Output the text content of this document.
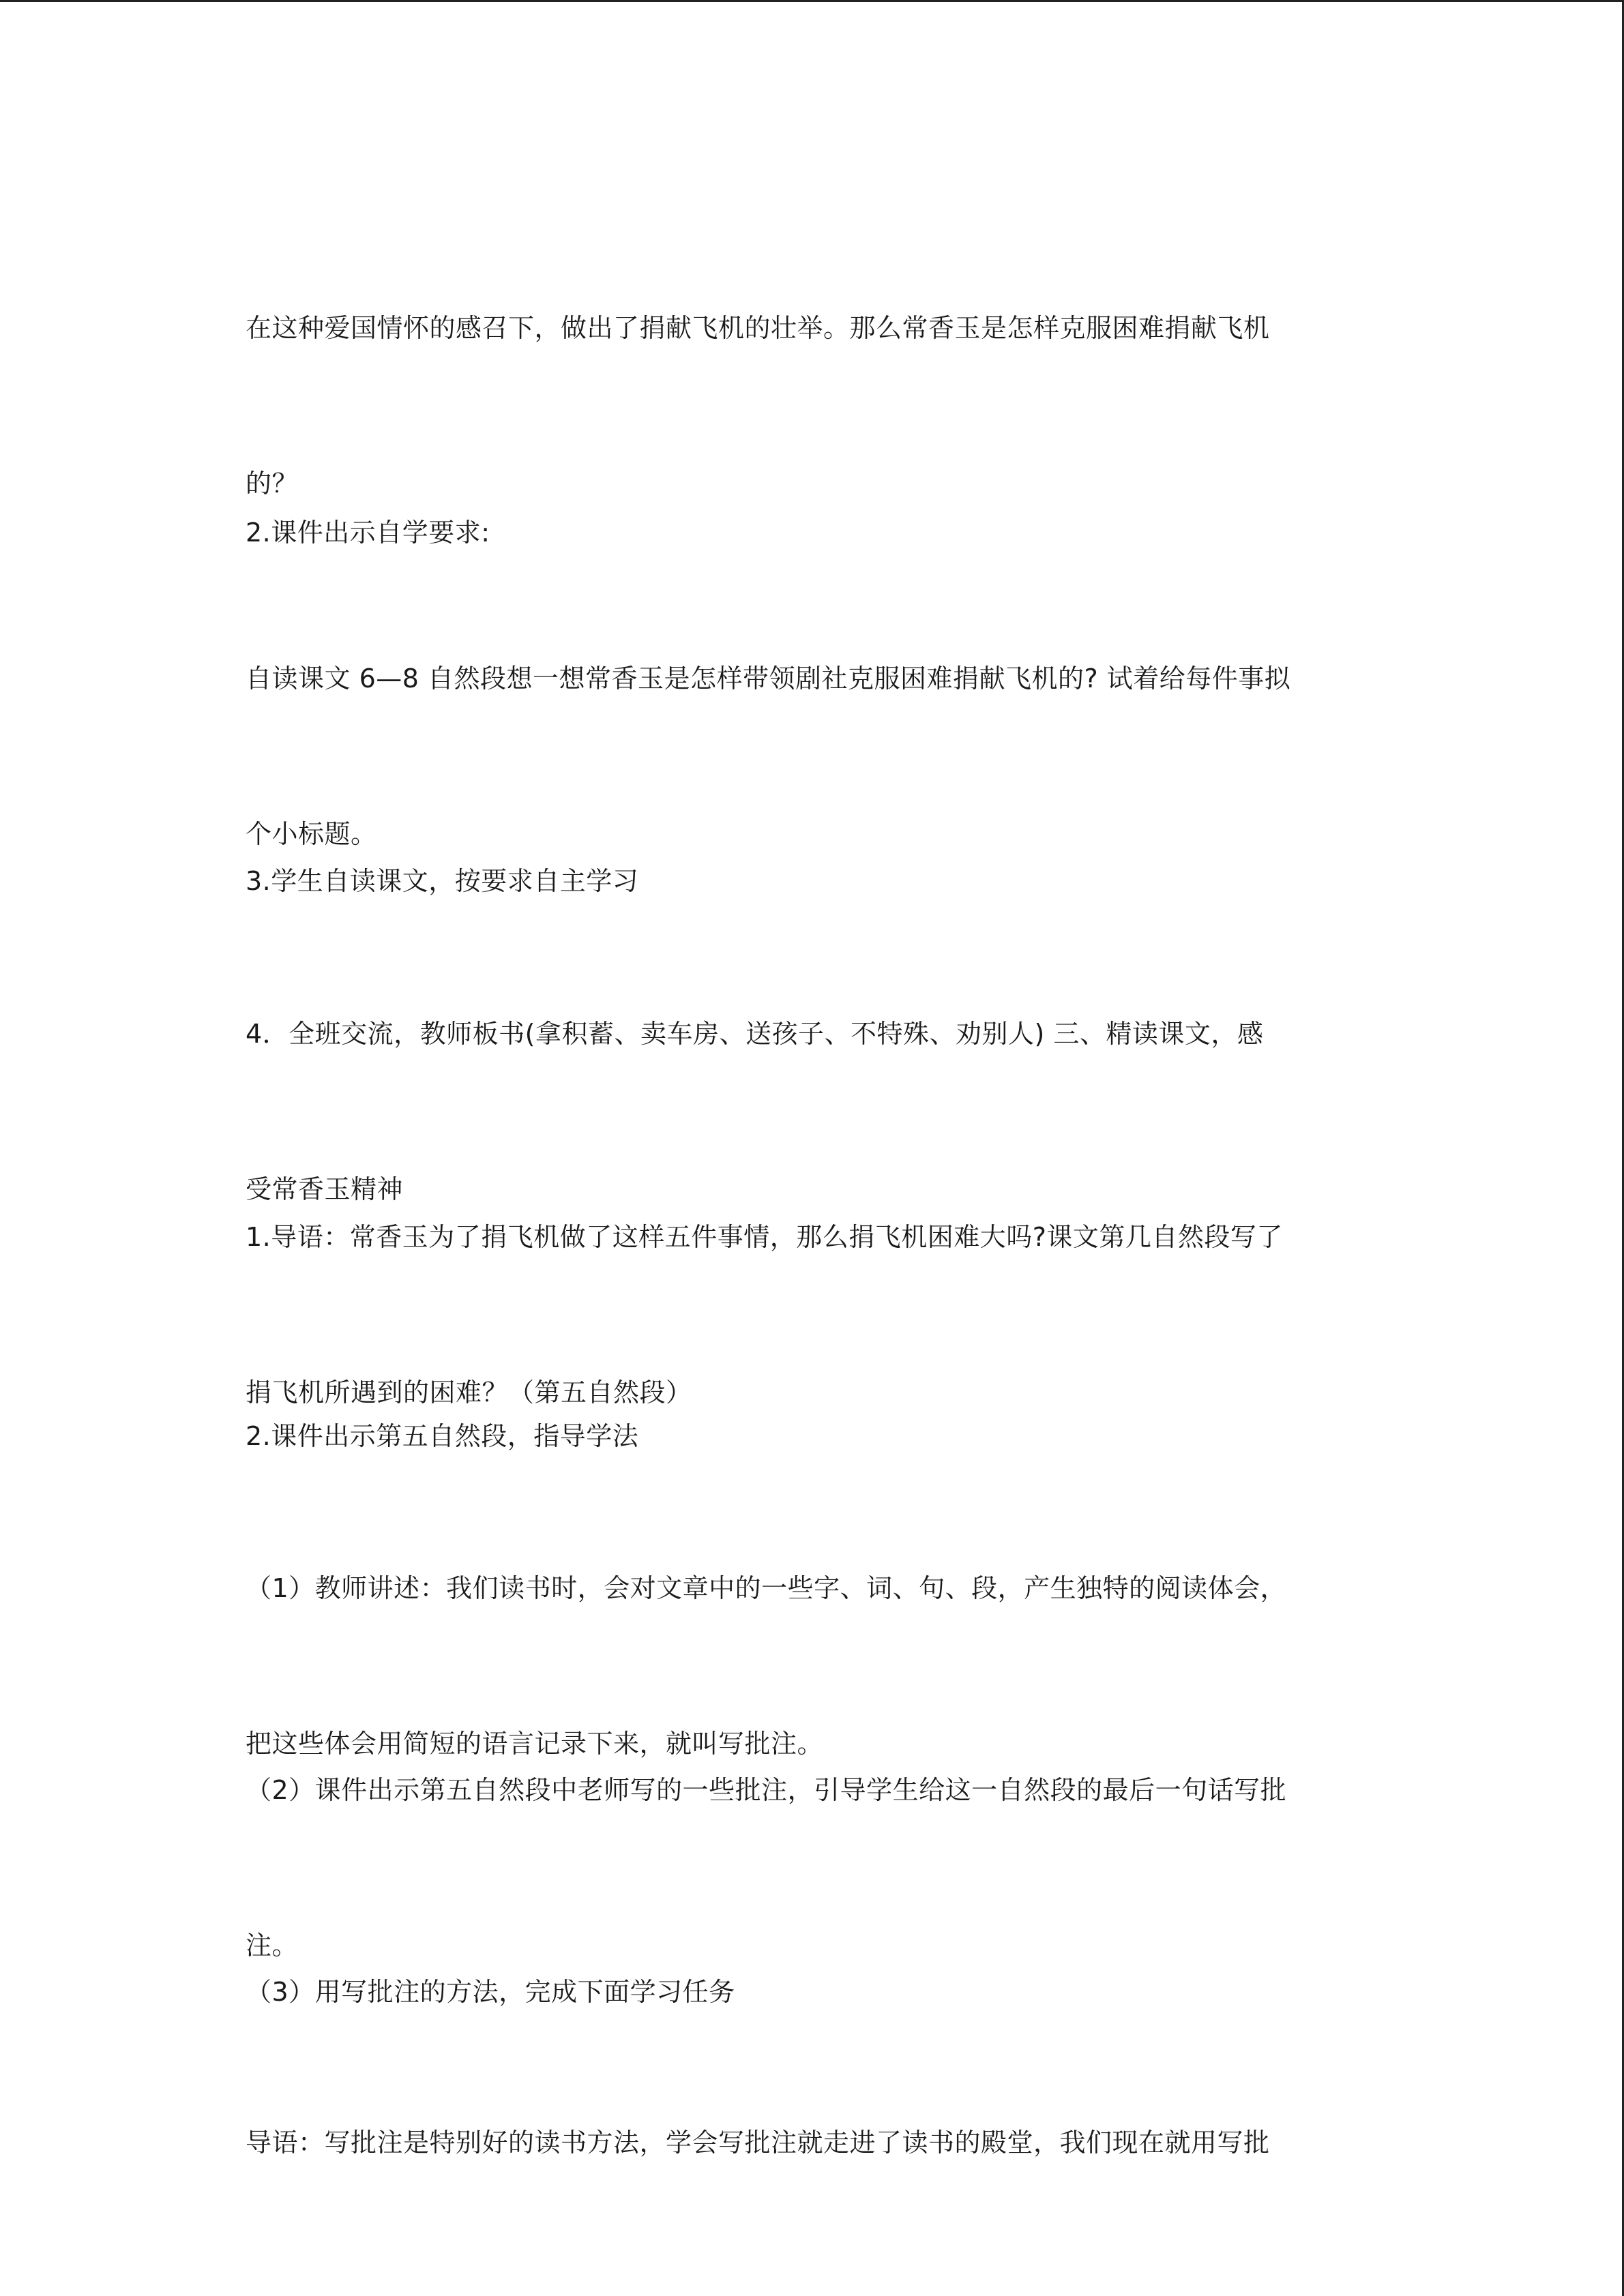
在这种爱国情怀的感召下，做出了捐献飞机的壮举。那么常香玉是怎样克服困难捐献飞机

的？

2.课件出示自学要求:

自读课文 6—8 自然段想一想常香玉是怎样带领剧社克服困难捐献飞机的? 试着给每件事拟

个小标题。

3.学生自读课文，按要求自主学习

4．全班交流，教师板书(拿积蓄、卖车房、送孩子、不特殊、劝别人) 三、精读课文，感

受常香玉精神

1.导语：常香玉为了捐飞机做了这样五件事情，那么捐飞机困难大吗?课文第几自然段写了

捐飞机所遇到的困难？（第五自然段）

2.课件出示第五自然段，指导学法

（1）教师讲述：我们读书时，会对文章中的一些字、词、句、段，产生独特的阅读体会，

把这些体会用简短的语言记录下来，就叫写批注。

（2）课件出示第五自然段中老师写的一些批注，引导学生给这一自然段的最后一句话写批

注。

（3）用写批注的方法，完成下面学习任务

导语：写批注是特别好的读书方法，学会写批注就走进了读书的殿堂，我们现在就用写批
